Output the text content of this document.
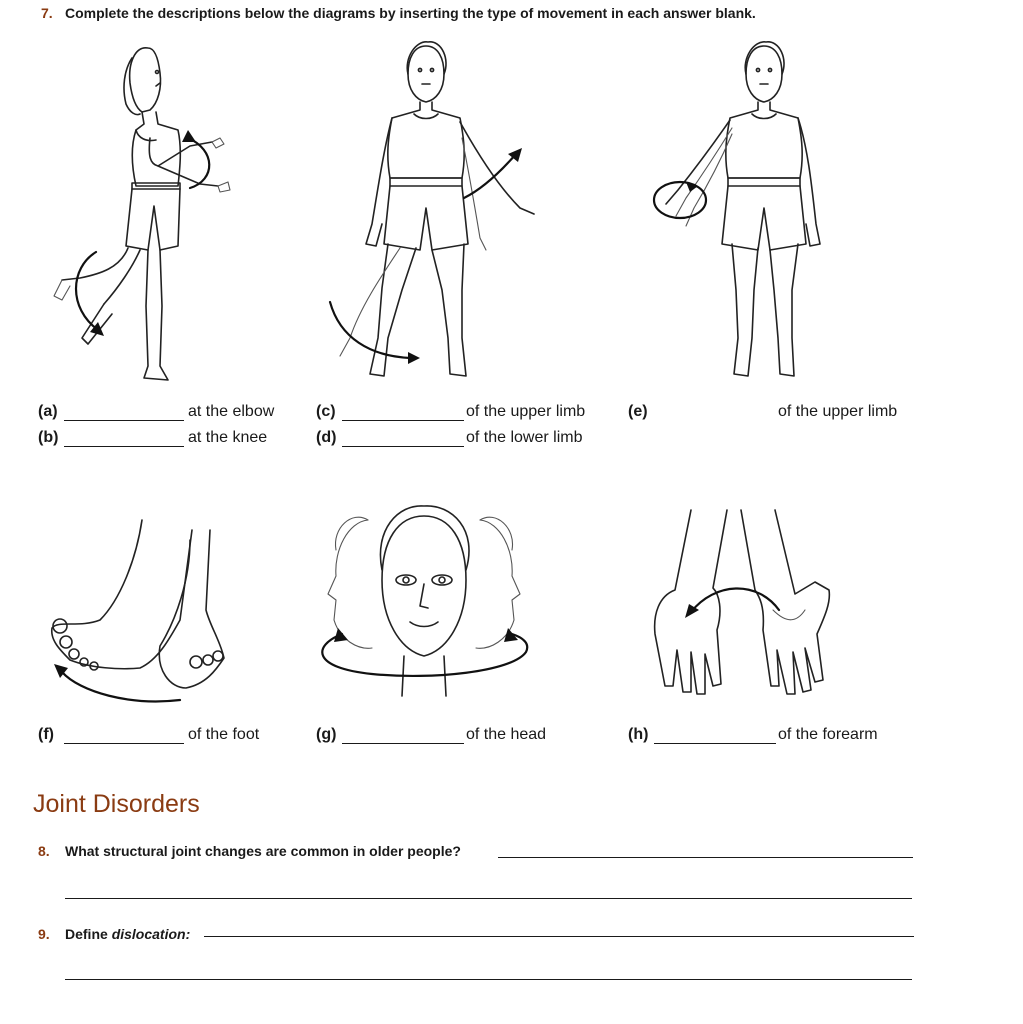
7. Complete the descriptions below the diagrams by inserting the type of movement in each answer blank.
(a)	at the elbow
(b)	at the knee
(c)	of the upper limb
(d)	of the lower limb
(e)	of the upper limb
(f)	of the foot	(g)	of the head	(h)	of the forearm
Joint Disorders
8. What structural joint changes are common in older people?
9. Define dislocation:
